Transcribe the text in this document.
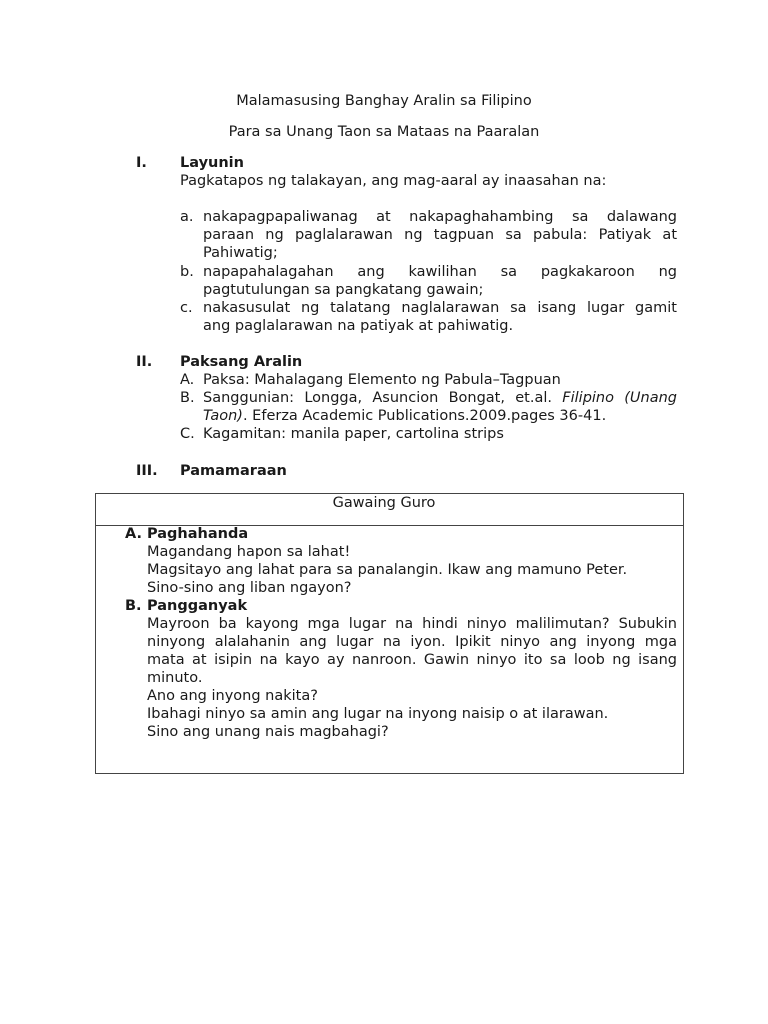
Malamasusing Banghay Aralin sa Filipino
Para sa Unang Taon sa Mataas na Paaralan
I. Layunin
Pagkatapos ng talakayan, ang mag-aaral ay inaasahan na:
a. nakapagpapaliwanag at nakapaghahambing sa dalawang
paraan ng paglalarawan ng tagpuan sa pabula: Patiyak at
Pahiwatig;
b. napapahalagahan ang kawilihan sa pagkakaroon ng
pagtutulungan sa pangkatang gawain;
c. nakasusulat ng talatang naglalarawan sa isang lugar gamit
ang paglalarawan na patiyak at pahiwatig.
II. Paksang Aralin
A. Paksa: Mahalagang Elemento ng Pabula–Tagpuan
B. Sanggunian: Longga, Asuncion Bongat, et.al. Filipino (Unang
Taon). Eferza Academic Publications.2009.pages 36-41.
C. Kagamitan: manila paper, cartolina strips
III. Pamamaraan
Gawaing Guro
A. Paghahanda
Magandang hapon sa lahat!
Magsitayo ang lahat para sa panalangin. Ikaw ang mamuno Peter.
Sino-sino ang liban ngayon?
B. Pangganyak
Mayroon ba kayong mga lugar na hindi ninyo malilimutan? Subukin
ninyong alalahanin ang lugar na iyon. Ipikit ninyo ang inyong mga
mata at isipin na kayo ay nanroon. Gawin ninyo ito sa loob ng isang
minuto.
Ano ang inyong nakita?
Ibahagi ninyo sa amin ang lugar na inyong naisip o at ilarawan.
Sino ang unang nais magbahagi?
